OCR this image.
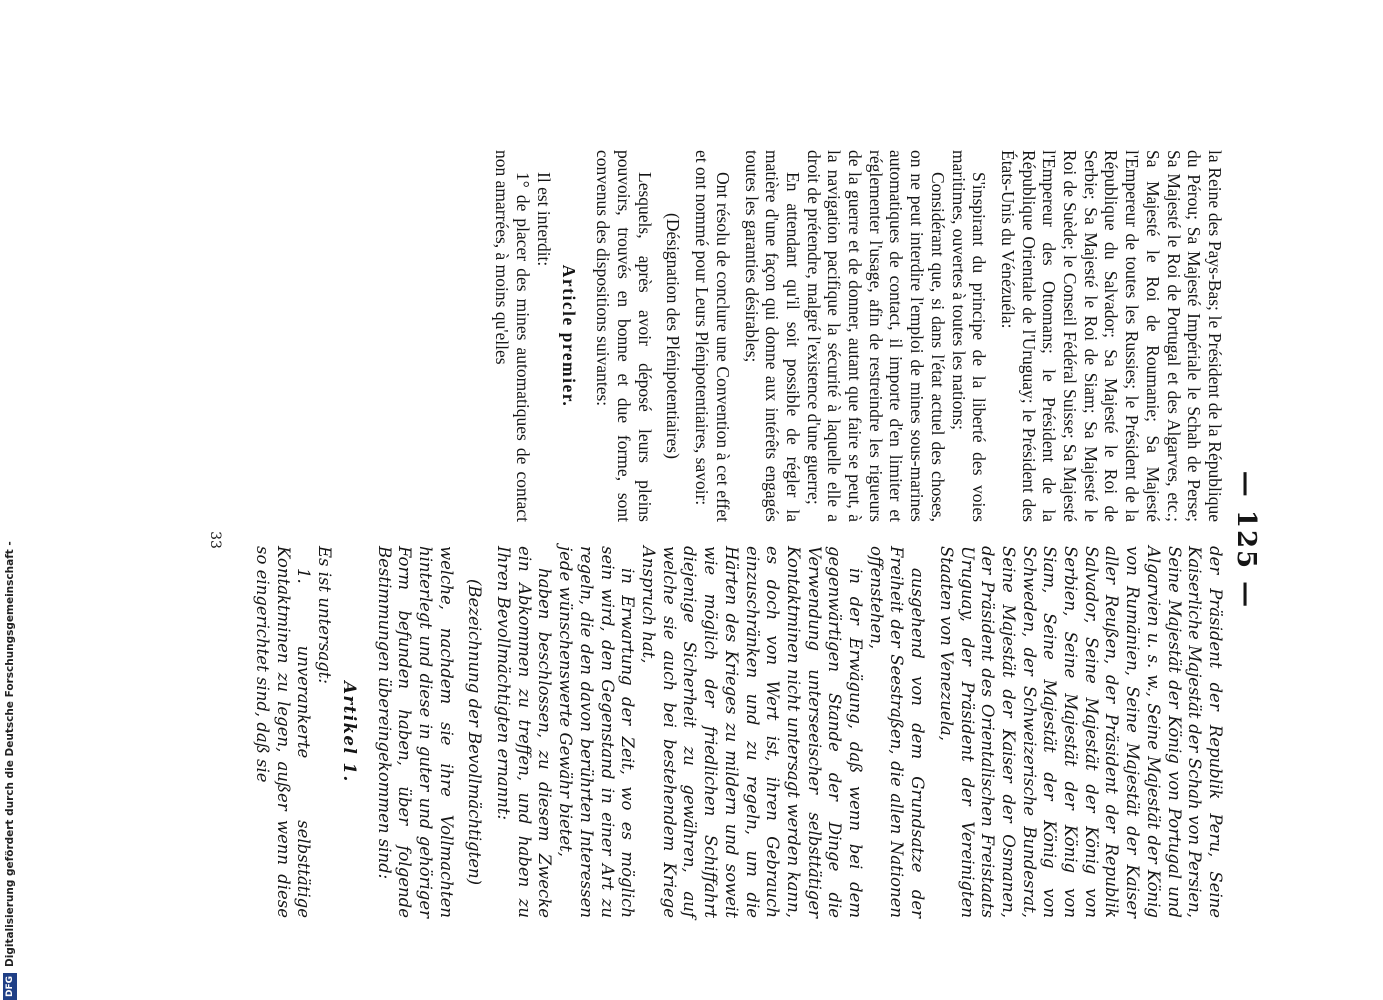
— 125 —

la Reine des Pays-Bas; le Président de la République du Pérou; Sa Majesté Impériale le Schah de Perse; Sa Majesté le Roi de Portugal et des Algarves, etc.; Sa Majesté le Roi de Roumanie; Sa Majesté l'Empereur de toutes les Russies; le Président de la République du Salvador; Sa Majesté le Roi de Serbie; Sa Majesté le Roi de Siam; Sa Majesté le Roi de Suède; le Conseil Fédéral Suisse; Sa Majesté l'Empereur des Ottomans; le Président de la République Orientale de l'Uruguay; le Président des États-Unis du Vénézuéla:

S'inspirant du principe de la liberté des voies maritimes, ouvertes à toutes les nations;

Considérant que, si dans l'état actuel des choses, on ne peut interdire l'emploi de mines sous-marines automatiques de contact, il importe d'en limiter et réglementer l'usage, afin de restreindre les rigueurs de la guerre et de donner, autant que faire se peut, à la navigation pacifique la sécurité à laquelle elle a droit de prétendre, malgré l'existence d'une guerre;

En attendant qu'il soit possible de régler la matière d'une façon qui donne aux intérêts engagés toutes les garanties désirables;

Ont résolu de conclure une Convention à cet effet et ont nommé pour Leurs Plénipotentiaires, savoir:

(Désignation des Plénipotentiaires)

Lesquels, après avoir déposé leurs pleins pouvoirs, trouvés en bonne et due forme, sont convenus des dispositions suivantes:

Article premier.

Il est interdit:

1° de placer des mines automatiques de contact non amarrées, à moins qu'elles

der Präsident der Republik Peru, Seine Kaiserliche Majestät der Schah von Persien, Seine Majestät der König von Portugal und Algarvien u. s. w., Seine Majestät der König von Rumänien, Seine Majestät der Kaiser aller Reußen, der Präsident der Republik Salvador, Seine Majestät der König von Serbien, Seine Majestät der König von Siam, Seine Majestät der König von Schweden, der Schweizerische Bundesrat, Seine Majestät der Kaiser der Osmanen, der Präsident des Orientalischen Freistaats Uruguay, der Präsident der Vereinigten Staaten von Venezuela,

ausgehend von dem Grundsatze der Freiheit der Seestraßen, die allen Nationen offenstehen,

in der Erwägung, daß wenn bei dem gegenwärtigen Stande der Dinge die Verwendung unterseeischer selbsttätiger Kontaktminen nicht untersagt werden kann, es doch von Wert ist, ihren Gebrauch einzuschränken und zu regeln, um die Härten des Krieges zu mildern und soweit wie möglich der friedlichen Schiffahrt diejenige Sicherheit zu gewähren, auf welche sie auch bei bestehendem Kriege Anspruch hat,

in Erwartung der Zeit, wo es möglich sein wird, den Gegenstand in einer Art zu regeln, die den davon berührten Interessen jede wünschenswerte Gewähr bietet,

haben beschlossen, zu diesem Zwecke ein Abkommen zu treffen, und haben zu Ihren Bevollmächtigten ernannt:

(Bezeichnung der Bevollmächtigten)

welche, nachdem sie ihre Vollmachten hinterlegt und diese in guter und gehöriger Form befunden haben, über folgende Bestimmungen übereingekommen sind:

Artikel 1.

Es ist untersagt:

1. unverankerte selbsttätige Kontaktminen zu legen, außer wenn diese so eingerichtet sind, daß sie

33
DFG
Digitalisierung gefördert durch die Deutsche Forschungsgemeinschaft -
